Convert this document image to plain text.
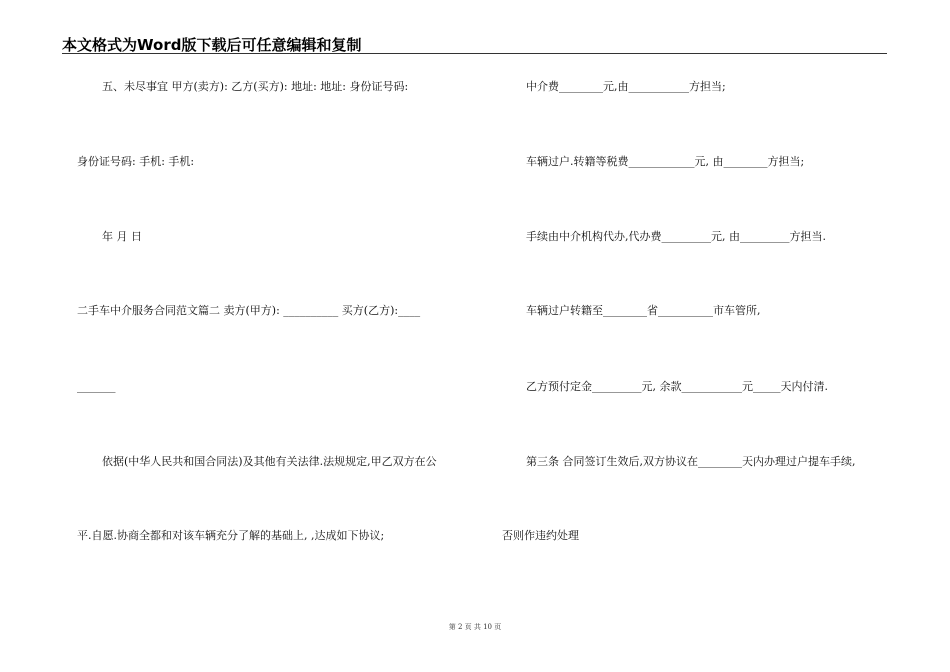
本文格式为Word版下载后可任意编辑和复制
五、未尽事宜 甲方(卖方): 乙方(买方): 地址: 地址: 身份证号码:
身份证号码: 手机: 手机:
年 月 日
二手车中介服务合同范文篇二 卖方(甲方): __________ 买方(乙方):____
_______
依据(中华人民共和国合同法)及其他有关法律.法规规定,甲乙双方在公
平.自愿.协商全都和对该车辆充分了解的基础上, ,达成如下协议;
中介费________元,由___________方担当;
车辆过户.转籍等税费____________元, 由________方担当;
手续由中介机构代办,代办费_________元, 由_________方担当.
车辆过户转籍至________省__________市车管所,
乙方预付定金_________元, 余款___________元_____天内付清.
第三条 合同签订生效后,双方协议在________天内办理过户提车手续,
否则作违约处理
第 2 页 共 10 页
